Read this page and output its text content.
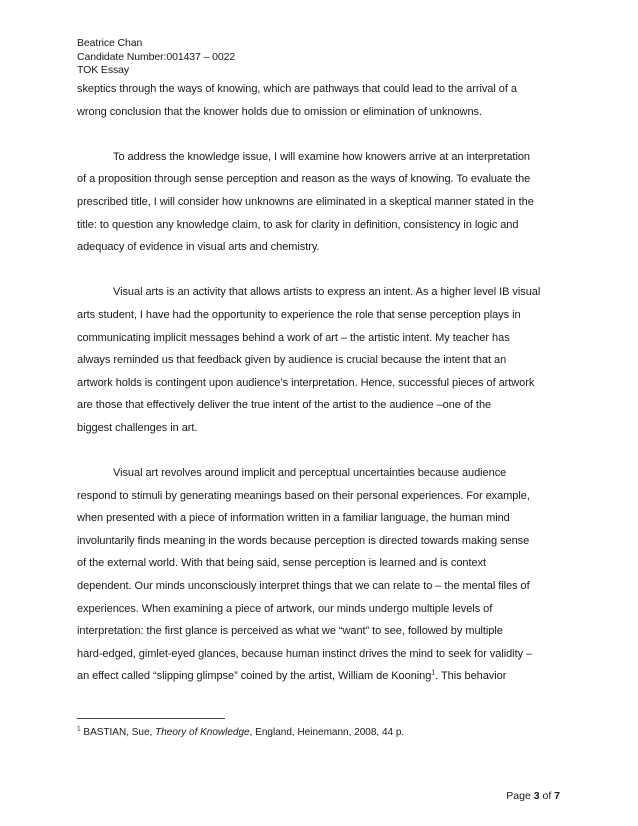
Beatrice Chan
Candidate Number:001437 – 0022
TOK Essay
skeptics through the ways of knowing, which are pathways that could lead to the arrival of a
wrong conclusion that the knower holds due to omission or elimination of unknowns.
To address the knowledge issue, I will examine how knowers arrive at an interpretation
of a proposition through sense perception and reason as the ways of knowing. To evaluate the
prescribed title, I will consider how unknowns are eliminated in a skeptical manner stated in the
title: to question any knowledge claim, to ask for clarity in definition, consistency in logic and
adequacy of evidence in visual arts and chemistry.
Visual arts is an activity that allows artists to express an intent. As a higher level IB visual
arts student, I have had the opportunity to experience the role that sense perception plays in
communicating implicit messages behind a work of art – the artistic intent. My teacher has
always reminded us that feedback given by audience is crucial because the intent that an
artwork holds is contingent upon audience’s interpretation. Hence, successful pieces of artwork
are those that effectively deliver the true intent of the artist to the audience –one of the
biggest challenges in art.
Visual art revolves around implicit and perceptual uncertainties because audience
respond to stimuli by generating meanings based on their personal experiences. For example,
when presented with a piece of information written in a familiar language, the human mind
involuntarily finds meaning in the words because perception is directed towards making sense
of the external world. With that being said, sense perception is learned and is context
dependent. Our minds unconsciously interpret things that we can relate to – the mental files of
experiences. When examining a piece of artwork, our minds undergo multiple levels of
interpretation: the first glance is perceived as what we “want” to see, followed by multiple
hard-edged, gimlet-eyed glances, because human instinct drives the mind to seek for validity –
an effect called “slipping glimpse” coined by the artist, William de Kooning$^1$. This behavior
$^1$ BASTIAN, Sue, Theory of Knowledge, England, Heinemann, 2008, 44 p.
Page 3 of 7
